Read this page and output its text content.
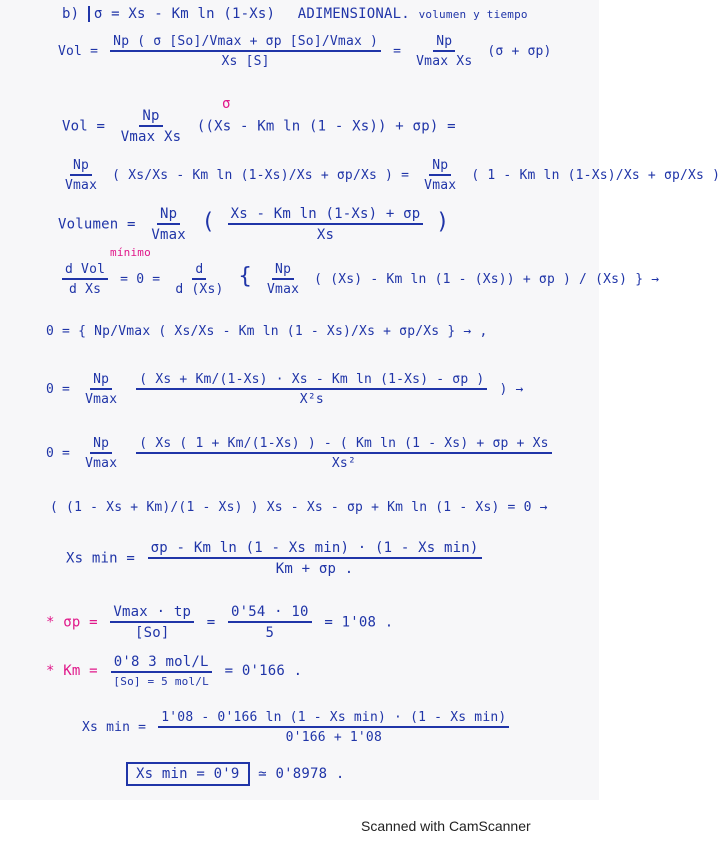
b) σ = Xs - Km ln (1-Xs) ADIMENSIONAL. volumen y tiempo
Vol = $\frac{Np ( \sigma [So]/Vmax + \sigma p [So]/Vmax )}{Xs [S]} = \frac{Np}{\text{Vmax Xs}} (\sigma + \sigma p)$
σ
Vol = $\frac{Np}{\text{Vmax Xs}} ((Xs$ - Km ln (1 - Xs)) + σp) =
$\frac{Np}{Vmax}$ ( Xs/Xs - Km ln (1-Xs)/Xs + σp/Xs ) = $\frac{Np}{Vmax}$ ( 1 - Km ln (1-Xs)/Xs + σp/Xs )
Volumen = $\frac{Np}{Vmax}$ ( $\frac{\text{Xs - Km ln (1-Xs) + σp}}{Xs}$ )
mínimo
$\frac{\text{d Vol}}{\text{d Xs}} = 0 = \frac{d}{d (Xs)}$ { $\frac{Np}{Vmax}$ ( (Xs) - Km ln (1 - (Xs)) + σp ) / (Xs) } →
0 = { Np/Vmax ( Xs/Xs - Km ln (1 - Xs)/Xs + σp/Xs } → ,
$0 = \frac{Np}{Vmax}$
$\frac{\text{( Xs + Km/(1-Xs) · Xs - Km ln (1-Xs) - σp )}}{\text{X²s}}$ ) →
$0 = \frac{Np}{Vmax}$
$\frac{\text{( Xs ( 1 + Km/(1-Xs) ) - ( Km ln (1 - Xs) + σp + Xs}}{\text{Xs²}}$
( (1 - Xs + Km)/(1 - Xs) ) Xs - Xs - σp + Km ln (1 - Xs) = 0 →
Xs $\min = \frac{\text{σp - Km ln (1 - Xs min) · (1 - Xs min)}}{Km + \sigma p .}$
* $\sigma p = \frac{Vmax \cdot tp}{[So]} = \frac{0'54 \cdot 10}{5} = 1'08$ .
* $Km = \frac{\text{0'8 3 mol/L}}{\text{[So] = 5 mol/L}} = 0'166$ .
Xs $\min = \frac{\text{1'08 - 0'166 ln (1 - Xs min) · (1 - Xs min)}}{0'166 + 1'08}$
Xs min = 0'9 ≃ 0'8978 .
Scanned with CamScanner
